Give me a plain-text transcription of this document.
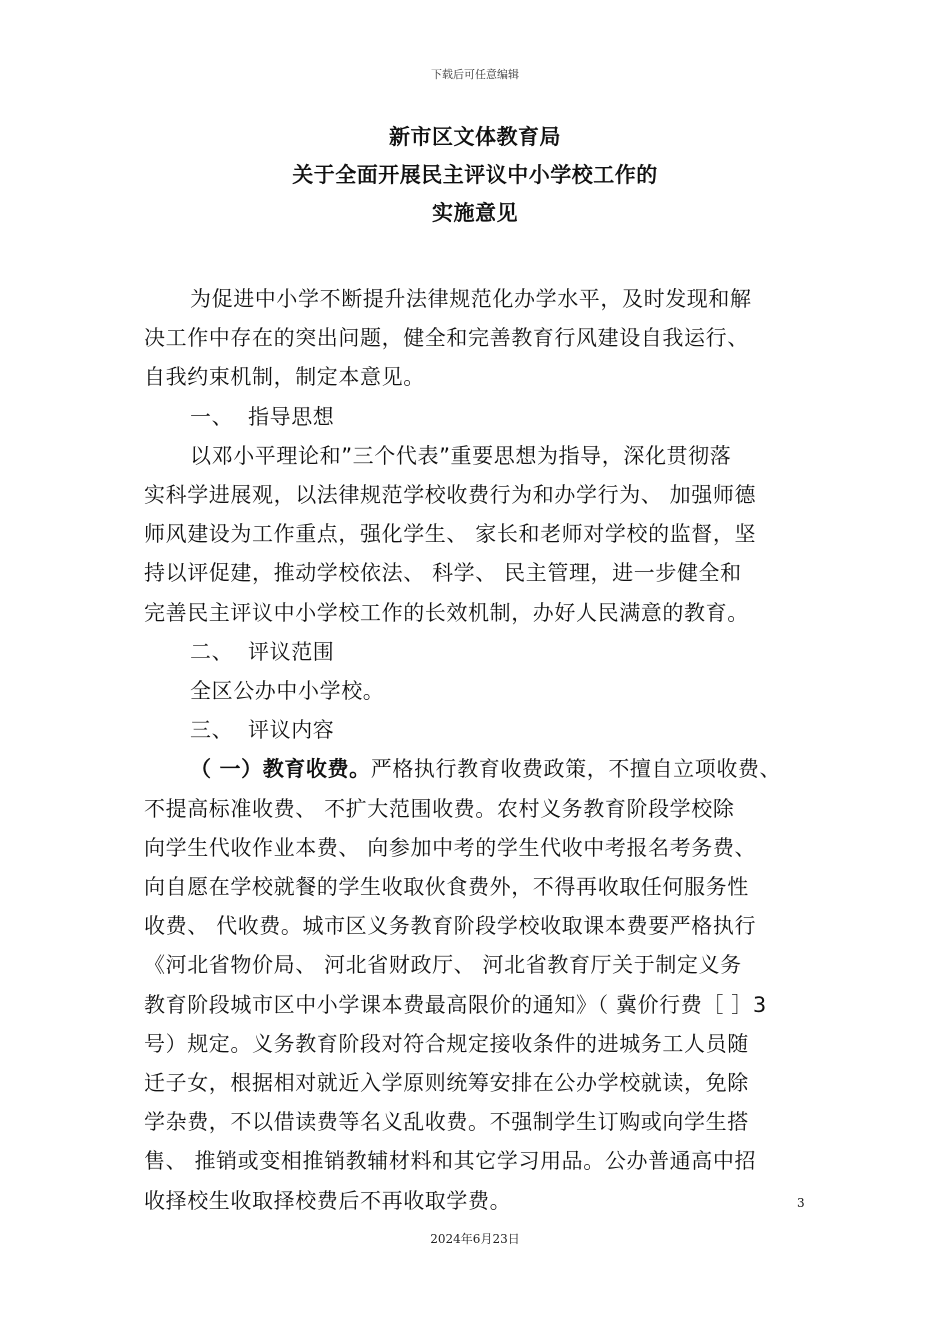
下载后可任意编辑
新市区文体教育局
关于全面开展民主评议中小学校工作的
实施意见

为促进中小学不断提升法律规范化办学水平，及时发现和解

决工作中存在的突出问题，健全和完善教育行风建设自我运行、

自我约束机制，制定本意见。

一、 指导思想

以邓小平理论和”三个代表”重要思想为指导，深化贯彻落

实科学进展观，以法律规范学校收费行为和办学行为、 加强师德

师风建设为工作重点，强化学生、 家长和老师对学校的监督，坚

持以评促建，推动学校依法、 科学、 民主管理，进一步健全和

完善民主评议中小学校工作的长效机制，办好人民满意的教育。

二、 评议范围

全区公办中小学校。

三、 评议内容

（ 一）教育收费。严格执行教育收费政策，不擅自立项收费、

不提高标准收费、 不扩大范围收费。农村义务教育阶段学校除

向学生代收作业本费、 向参加中考的学生代收中考报名考务费、

向自愿在学校就餐的学生收取伙食费外，不得再收取任何服务性

收费、 代收费。城市区义务教育阶段学校收取课本费要严格执行

《河北省物价局、 河北省财政厅、 河北省教育厅关于制定义务

教育阶段城市区中小学课本费最高限价的通知》（ 冀价行费［ ］3

号）规定。义务教育阶段对符合规定接收条件的进城务工人员随

迁子女，根据相对就近入学原则统筹安排在公办学校就读，免除

学杂费，不以借读费等名义乱收费。不强制学生订购或向学生搭

售、 推销或变相推销教辅材料和其它学习用品。公办普通高中招

收择校生收取择校费后不再收取学费。	3
2024年6月23日
